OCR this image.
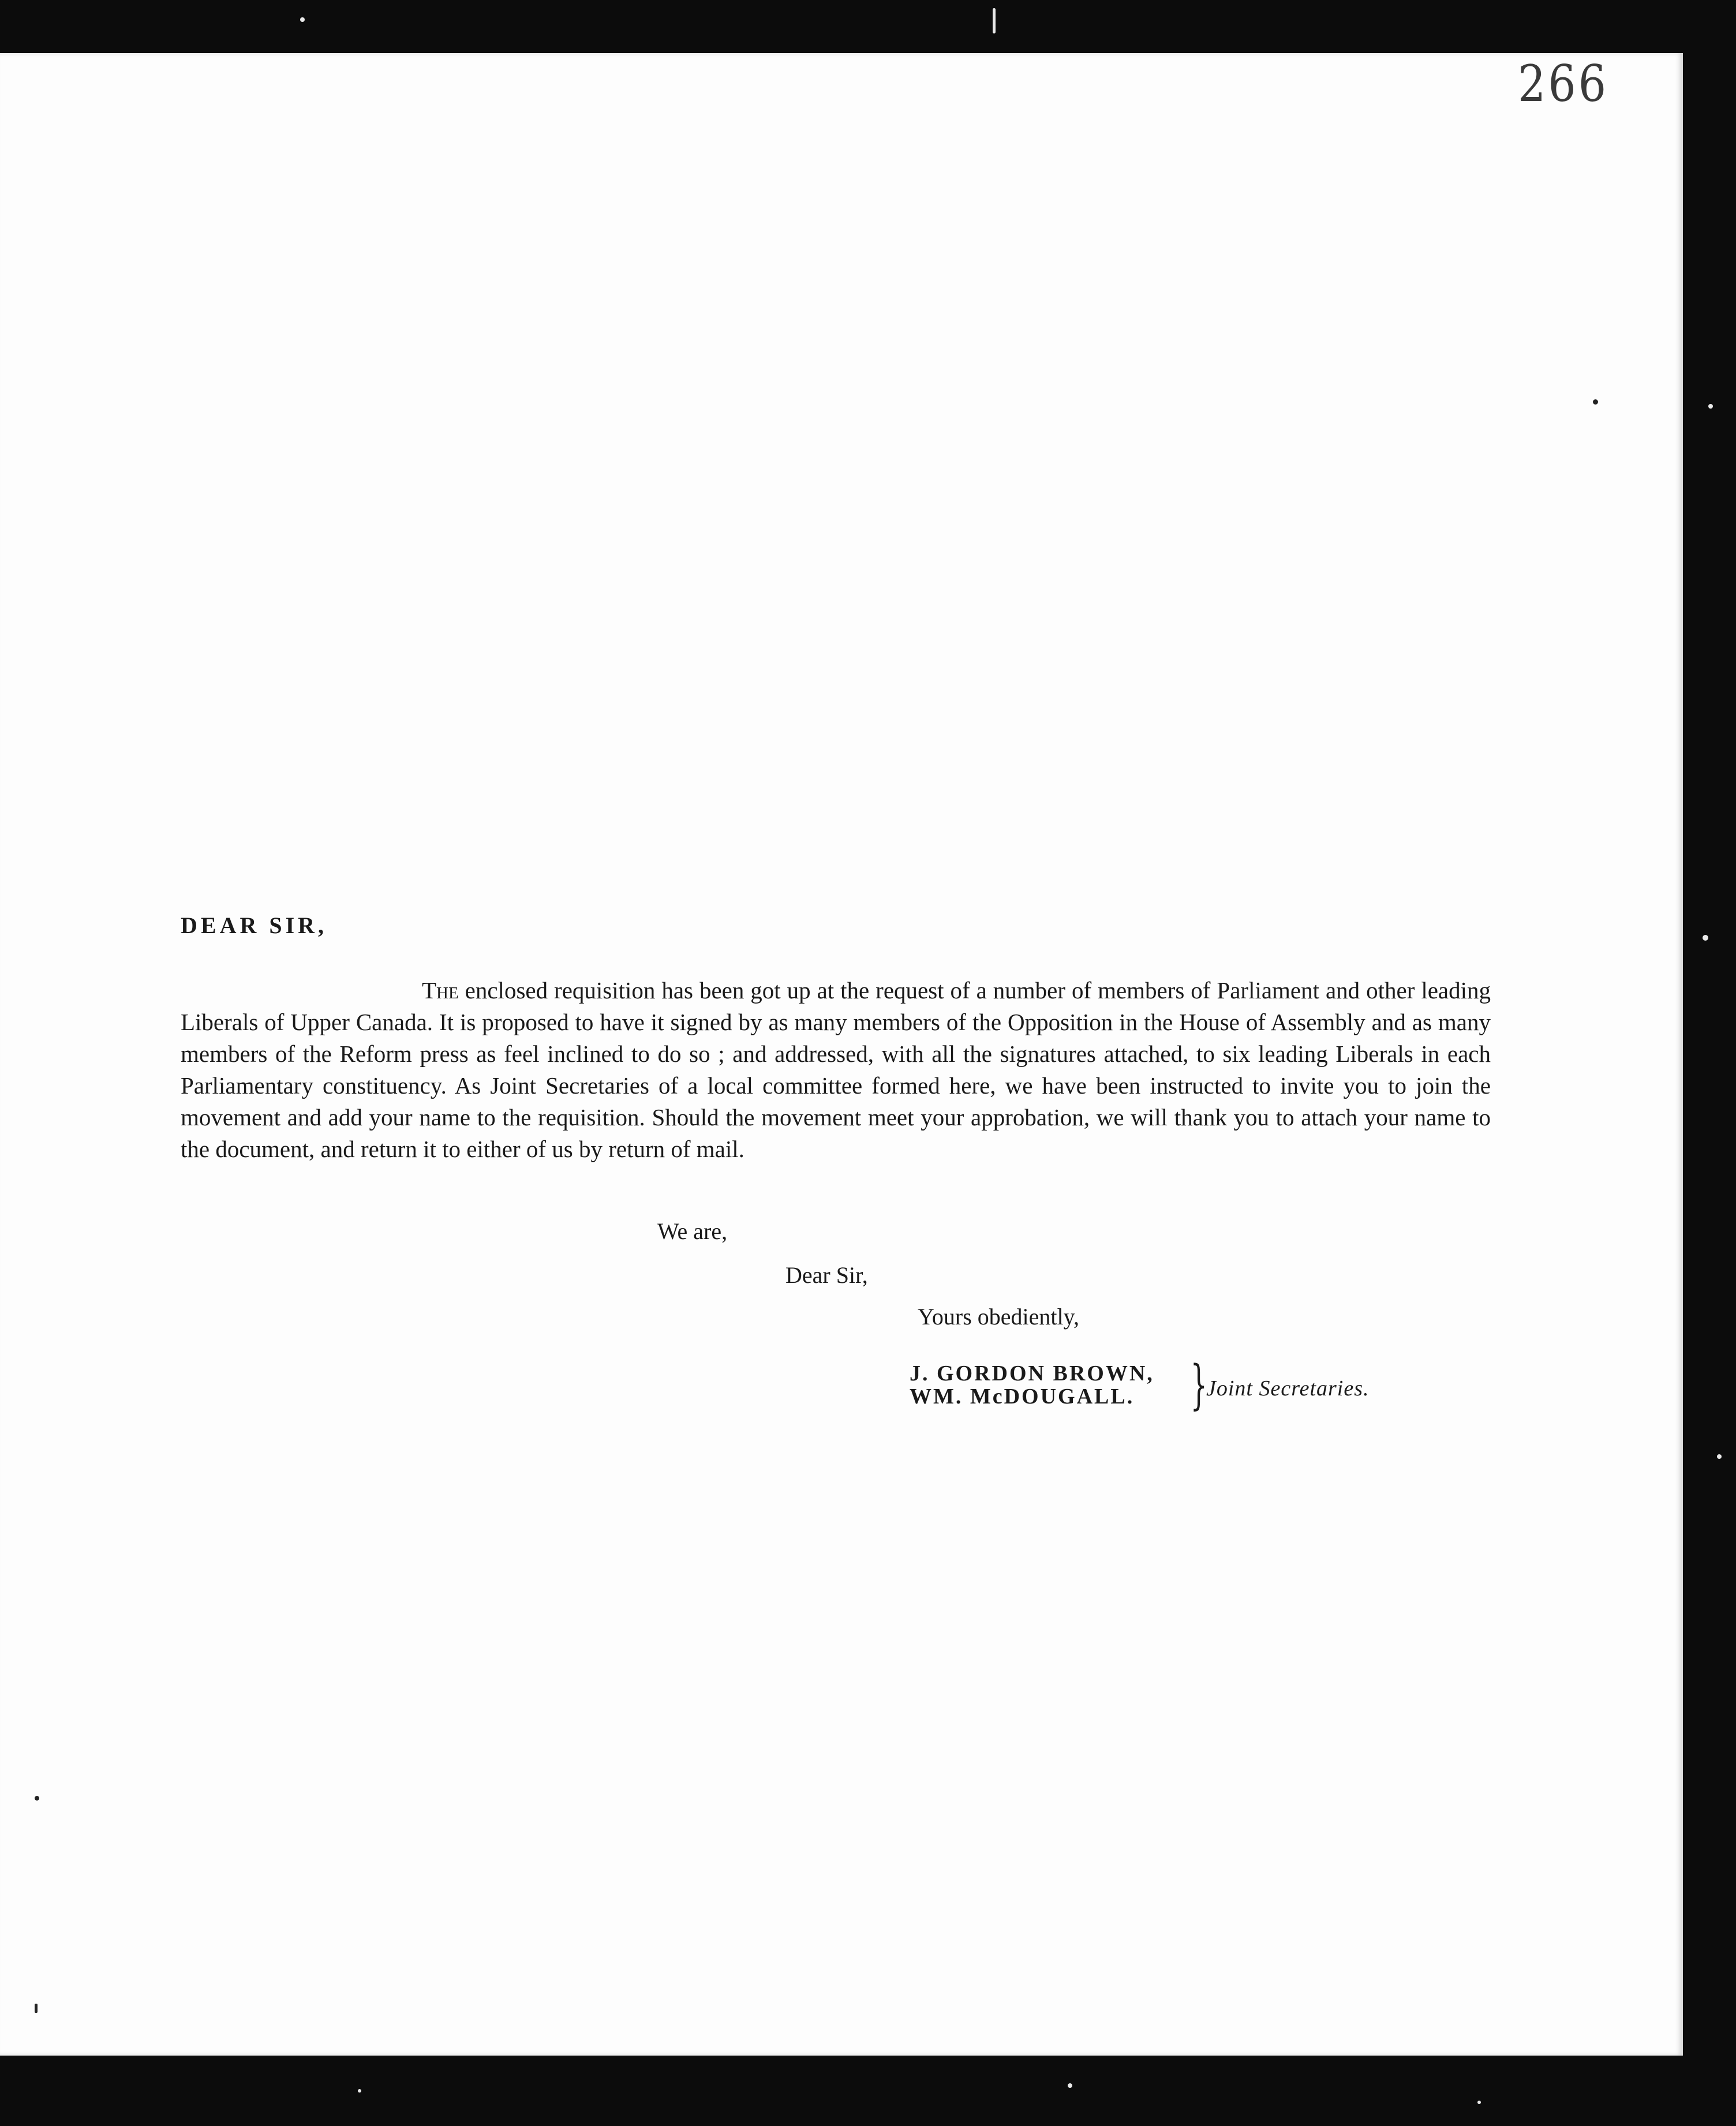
266

DEAR SIR,

The enclosed requisition has been got up at the request of a number of members of Parliament and other leading Liberals of Upper Canada. It is proposed to have it signed by as many members of the Opposition in the House of Assembly and as many members of the Reform press as feel inclined to do so ; and addressed, with all the signatures attached, to six leading Liberals in each Parliamentary constituency. As Joint Secretaries of a local committee formed here, we have been instructed to invite you to join the movement and add your name to the requisition. Should the movement meet your approbation, we will thank you to attach your name to the document, and return it to either of us by return of mail.

We are,
Dear Sir,
Yours obediently,
J. GORDON BROWN,
WM. McDOUGALL.	}
Joint Secretaries.
